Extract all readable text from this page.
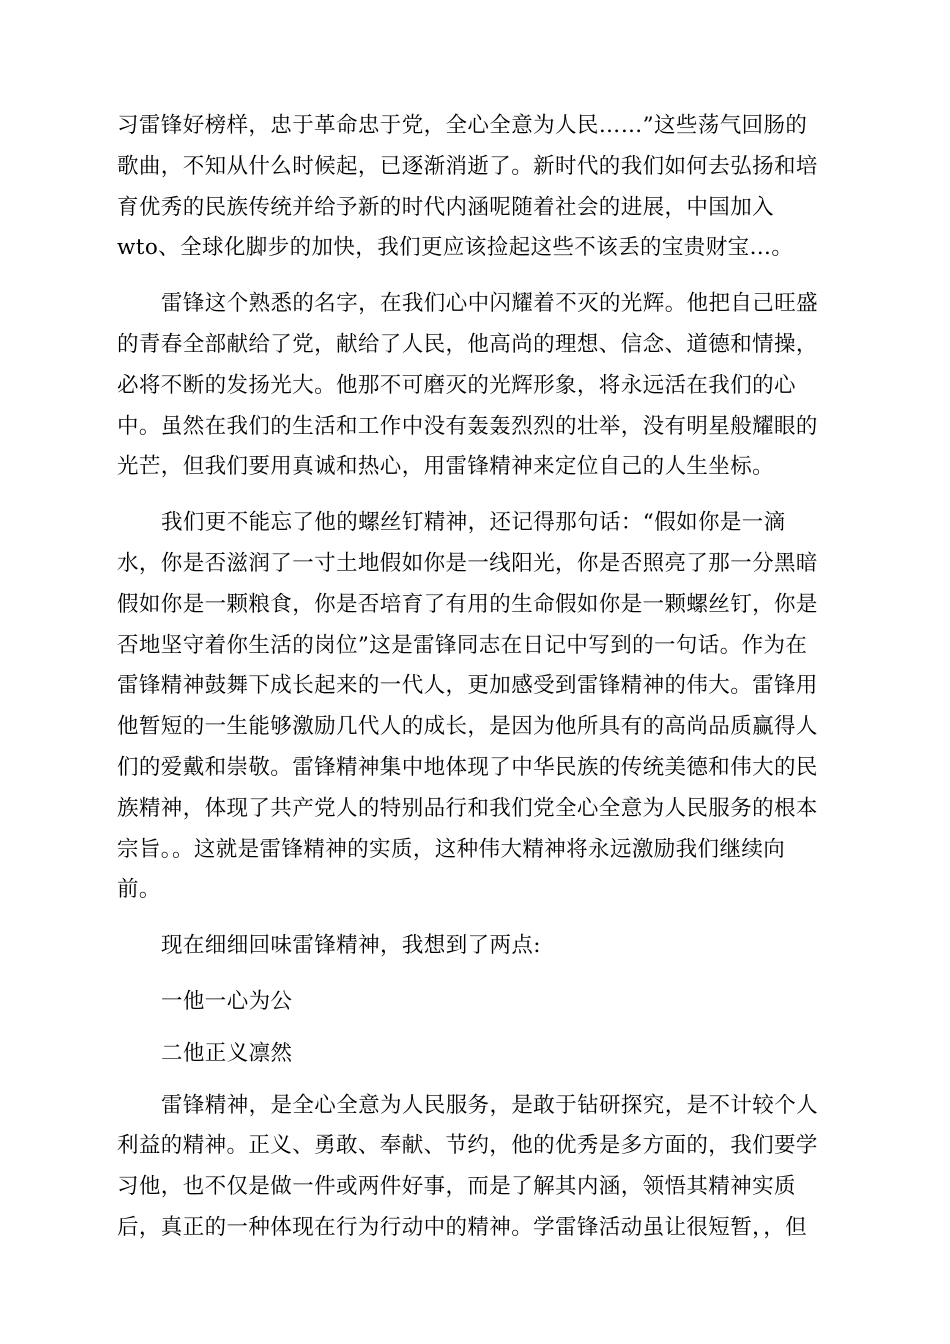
习雷锋好榜样，忠于革命忠于党，全心全意为人民……”这些荡气回肠的
歌曲，不知从什么时候起，已逐渐消逝了。新时代的我们如何去弘扬和培
育优秀的民族传统并给予新的时代内涵呢随着社会的进展，中国加入
wto、全球化脚步的加快，我们更应该捡起这些不该丢的宝贵财宝…。

雷锋这个熟悉的名字，在我们心中闪耀着不灭的光辉。他把自己旺盛
的青春全部献给了党，献给了人民，他高尚的理想、信念、道德和情操，
必将不断的发扬光大。他那不可磨灭的光辉形象，将永远活在我们的心
中。虽然在我们的生活和工作中没有轰轰烈烈的壮举，没有明星般耀眼的
光芒，但我们要用真诚和热心，用雷锋精神来定位自己的人生坐标。

我们更不能忘了他的螺丝钉精神，还记得那句话：“假如你是一滴
水，你是否滋润了一寸土地假如你是一线阳光，你是否照亮了那一分黑暗
假如你是一颗粮食，你是否培育了有用的生命假如你是一颗螺丝钉，你是
否地坚守着你生活的岗位”这是雷锋同志在日记中写到的一句话。作为在
雷锋精神鼓舞下成长起来的一代人，更加感受到雷锋精神的伟大。雷锋用
他暂短的一生能够激励几代人的成长，是因为他所具有的高尚品质赢得人
们的爱戴和崇敬。雷锋精神集中地体现了中华民族的传统美德和伟大的民
族精神，体现了共产党人的特别品行和我们党全心全意为人民服务的根本
宗旨。。这就是雷锋精神的实质，这种伟大精神将永远激励我们继续向
前。

现在细细回味雷锋精神，我想到了两点:

一他一心为公
二他正义凛然

雷锋精神，是全心全意为人民服务，是敢于钻研探究，是不计较个人
利益的精神。正义、勇敢、奉献、节约，他的优秀是多方面的，我们要学
习他，也不仅是做一件或两件好事，而是了解其内涵，领悟其精神实质
后，真正的一种体现在行为行动中的精神。学雷锋活动虽让很短暂，，但
